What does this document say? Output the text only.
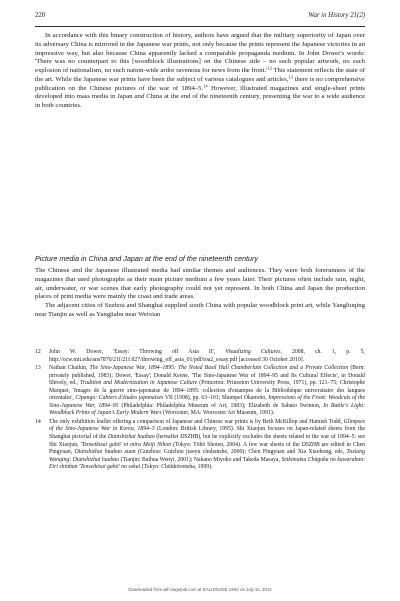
220	War in History 21(2)

In accordance with this binary construction of history, authors have argued that the military superiority of Japan over its adversary China is mirrored in the Japanese war prints, not only because the prints represent the Japanese victories in an impressive way, but also because China apparently lacked a comparable propaganda medium. In John Dower's words: 'There was no counterpart to this [woodblock illustrations] on the Chinese side – no such popular artwork, no such explosion of nationalism, no such nation-wide ardor ravenous for news from the $front.'^{12}$ This statement reflects the state of the art. While the Japanese war prints have been the subject of various catalogues and articles,$^{13}$ there is no comprehensive publication on the Chinese pictures of the war of 1894–5.14 However, illustrated magazines and single-sheet prints developed into mass media in Japan and China at the end of the nineteenth century, presenting the war to a wide audience in both countries.

Picture media in China and Japan at the end of the nineteenth century

The Chinese and the Japanese illustrated media had similar themes and audiences. They were both forerunners of the magazines that used photographs as their main picture medium a few years later. Their pictures often include rain, night, air, underwater, or war scenes that early photography could not yet represent. In both China and Japan the production places of print media were mainly the coast and trade areas.

The adjacent cities of Suzhou and Shanghai supplied south China with popular woodblock print art, while Yangliuqing near Tianjin as well as Yangjiabu near Weixian

12	John W. Dower, 'Essay: Throwing off Asia II', Visualizing Cultures, 2008, ch. 1, p. 5, http://ocw.mit.edu/ans7870/21f/21f.027/throwing_off_asia_01/pdf/toa2_essay.pdf [accessed 30 October 2010].
13	Nathan Chaikin, The Sino-Japanese War, 1894–1895: The Noted Basil Hall Chamberlain Collection and a Private Collection (Bern: privately published, 1983); Dower, 'Essay'; Donald Keene, 'The Sino-Japanese War of 1894–95 and Its Cultural Effects', in Donald Shively, ed., Tradition and Modernization in Japanese Culture (Princeton: Princeton University Press, 1971), pp. 121–75; Christophe Marquet, 'Images de la guerre sino-japonaise de 1894–1895: collection d'estampes de la Bibliothèque universitaire des langues orientales', Cipango: Cahiers d'études japonaises VII (1998), pp. 63–101; Shumpei Okamoto, Impressions of the Front: Woodcuts of the Sino-Japanese War, 1894–95 (Philadelphia: Philadelphia Museum of Art, 1983); Elizabeth de Sabato Swinton, In Battle's Light: Woodblock Prints of Japan's Early Modern Wars (Worcester, MA: Worcester Art Museum, 1991).
14	The only exhibition leaflet offering a comparison of Japanese and Chinese war prints is by Beth McKillop and Hamish Todd, Glimpses of the Sino-Japanese War in Korea, 1894–5 (London: British Library, 1995). Shi Xiaojun focuses on Japan-related sheets from the Shanghai pictorial of the Dianshizhai huabao (hereafter DSZHB), but he explicitly excludes the sheets related to the war of 1894–5: see Shi Xiaojun, 'Tenseikisai gahō' ni miru Meiji Nihon (Tokyo: Tōhō Shoten, 2004). A few war sheets of the DSZHB are edited in Chen Pingyuan, Dianshizhai huabao xuan (Guizhou: Guizhou jiaoyu chubanshe, 2000); Chen Pingyuan and Xia Xiaohong, eds, Tuxiang Wanqing: Dianshizhai huabao (Tianjin: Baihua Wenyi, 2001); Nakano Miyoko and Takeda Masaya, Seikimatsu Chūgoku no kawaraban: Eiri shinbun 'Tenseikisai gahō' no sekai (Tokyo: Chūūkōronsha, 1999).
Downloaded from wih.sagepub.com at DALHOUSIE UNIV on July 16, 2014
